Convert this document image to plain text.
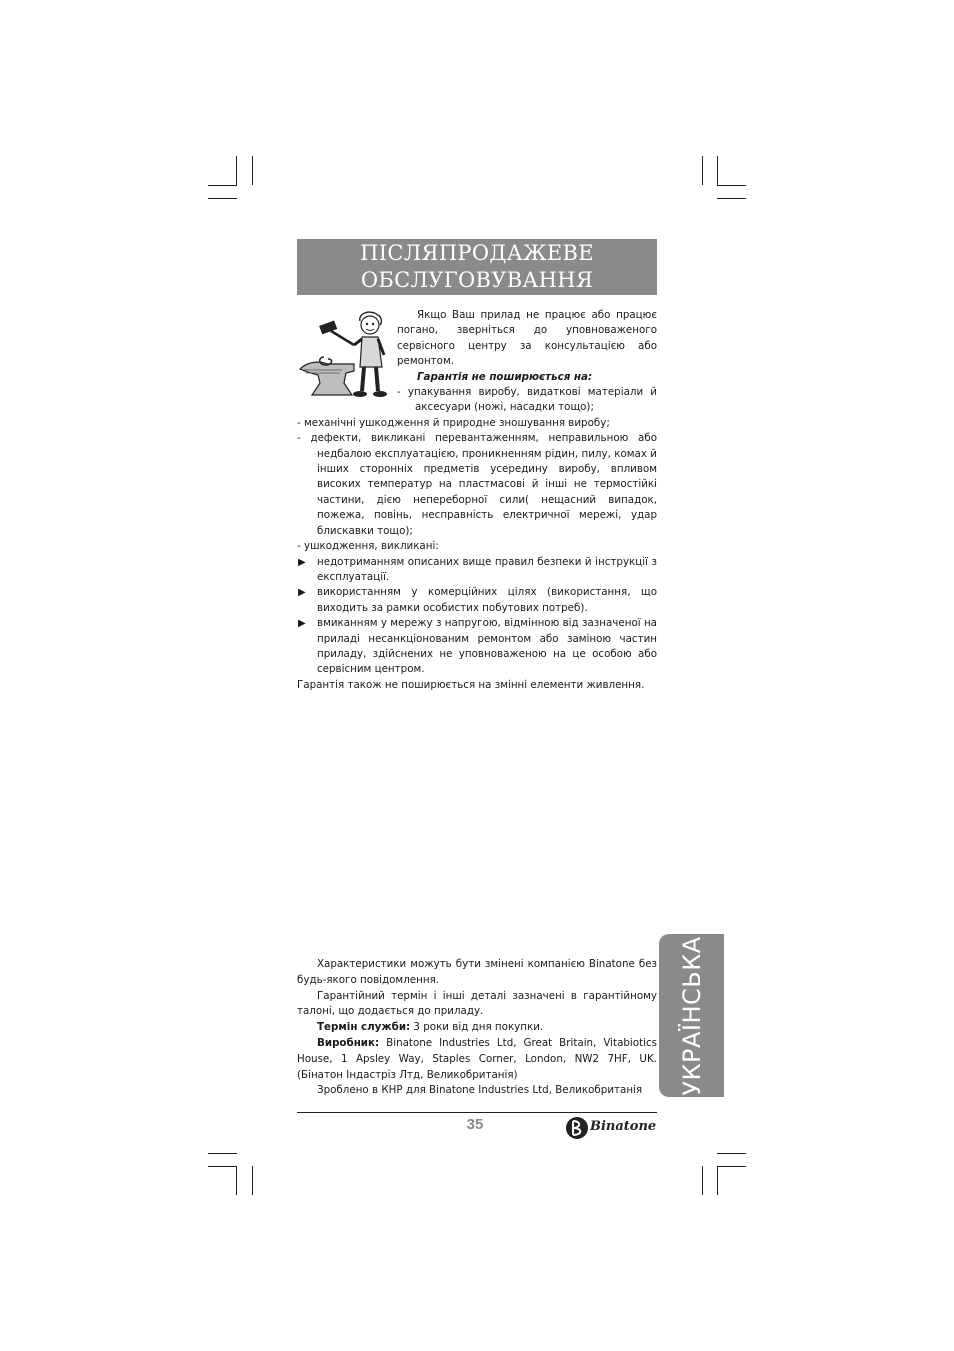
ПІСЛЯПРОДАЖЕВЕ
ОБСЛУГОВУВАННЯ
Якщо Ваш прилад не працює або працює погано, зверніться до уповноваженого сервісного центру за консультацією або ремонтом.
Гарантія не поширюється на:
- упакування виробу, видаткові матеріали й аксесуари (ножі, насадки тощо);
- механічні ушкодження й природне зношування виробу;
- дефекти, викликані перевантаженням, неправильною або недбалою експлуатацією, проникненням рідин, пилу, комах й інших сторонніх предметів усередину виробу, впливом високих температур на пластмасові й інші не термостійкі частини, дією непереборної сили( нещасний випадок, пожежа, повінь, несправність електричної мережі, удар блискавки тощо);
- ушкодження, викликані:
▶ недотриманням описаних вище правил безпеки й інструкції з експлуатації.
▶ використанням у комерційних цілях (використання, що виходить за рамки особистих побутових потреб).
▶ вмиканням у мережу з напругою, відмінною від зазначеної на приладі несанкціонованим ремонтом або заміною частин приладу, здійснених не уповноваженою на це особою або сервісним центром.
Гарантія також не поширюється на змінні елементи живлення.

Характеристики можуть бути змінені компанією Binatone без будь-якого повідомлення.

Гарантійний термін і інші деталі зазначені в гарантійному талоні, що додається до приладу.

Термін служби: 3 роки від дня покупки.

Виробник: Binatone Industries Ltd, Great Britain, Vitabiotics House, 1 Apsley Way, Staples Corner, London, NW2 7HF, UK. (Бінатон Індастріз Лтд, Великобританія)

Зроблено в КНР для Binatone Industries Ltd, Великобританія

35	Binatone
УКРАЇНСЬКА
